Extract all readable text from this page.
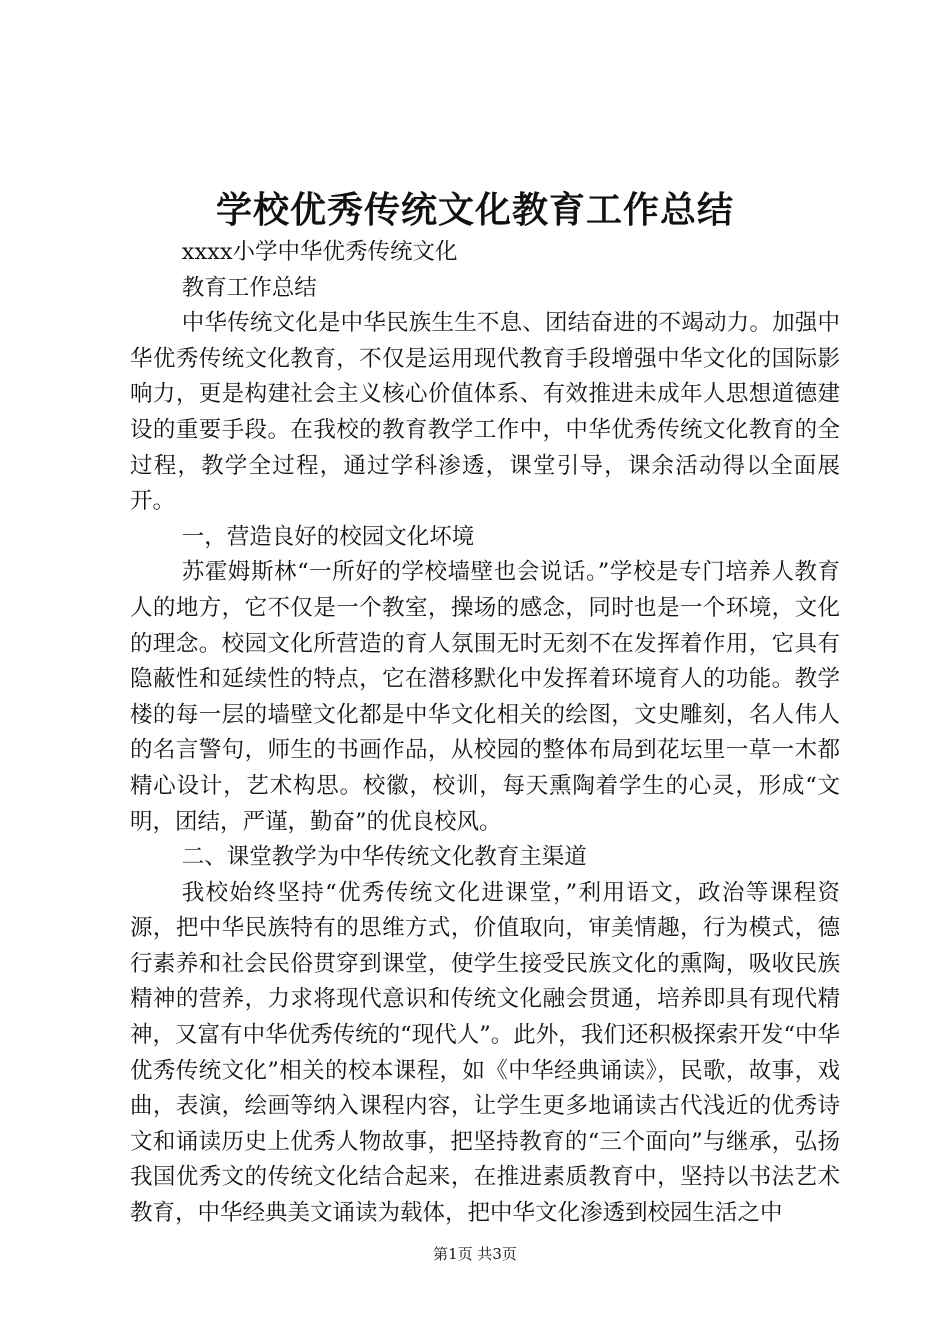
学校优秀传统文化教育工作总结

xxxx小学中华优秀传统文化

教育工作总结

中华传统文化是中华民族生生不息、团结奋进的不竭动力。加强中华优秀传统文化教育，不仅是运用现代教育手段增强中华文化的国际影响力，更是构建社会主义核心价值体系、有效推进未成年人思想道德建设的重要手段。在我校的教育教学工作中，中华优秀传统文化教育的全过程，教学全过程，通过学科渗透，课堂引导，课余活动得以全面展开。

一，营造良好的校园文化坏境

苏霍姆斯林“一所好的学校墙壁也会说话。”学校是专门培养人教育人的地方，它不仅是一个教室，操场的感念，同时也是一个环境，文化的理念。校园文化所营造的育人氛围无时无刻不在发挥着作用，它具有隐蔽性和延续性的特点，它在潜移默化中发挥着环境育人的功能。教学楼的每一层的墙壁文化都是中华文化相关的绘图，文史雕刻，名人伟人的名言警句，师生的书画作品，从校园的整体布局到花坛里一草一木都精心设计，艺术构思。校徽，校训，每天熏陶着学生的心灵，形成“文明，团结，严谨，勤奋”的优良校风。

二、课堂教学为中华传统文化教育主渠道

我校始终坚持“优秀传统文化进课堂，”利用语文，政治等课程资源，把中华民族特有的思维方式，价值取向，审美情趣，行为模式，德行素养和社会民俗贯穿到课堂，使学生接受民族文化的熏陶，吸收民族精神的营养，力求将现代意识和传统文化融会贯通，培养即具有现代精神，又富有中华优秀传统的“现代人”。此外，我们还积极探索开发“中华优秀传统文化”相关的校本课程，如《中华经典诵读》，民歌，故事，戏曲，表演，绘画等纳入课程内容，让学生更多地诵读古代浅近的优秀诗文和诵读历史上优秀人物故事，把坚持教育的“三个面向”与继承，弘扬我国优秀文的传统文化结合起来，在推进素质教育中，坚持以书法艺术教育，中华经典美文诵读为载体，把中华文化渗透到校园生活之中

第1页 共3页
